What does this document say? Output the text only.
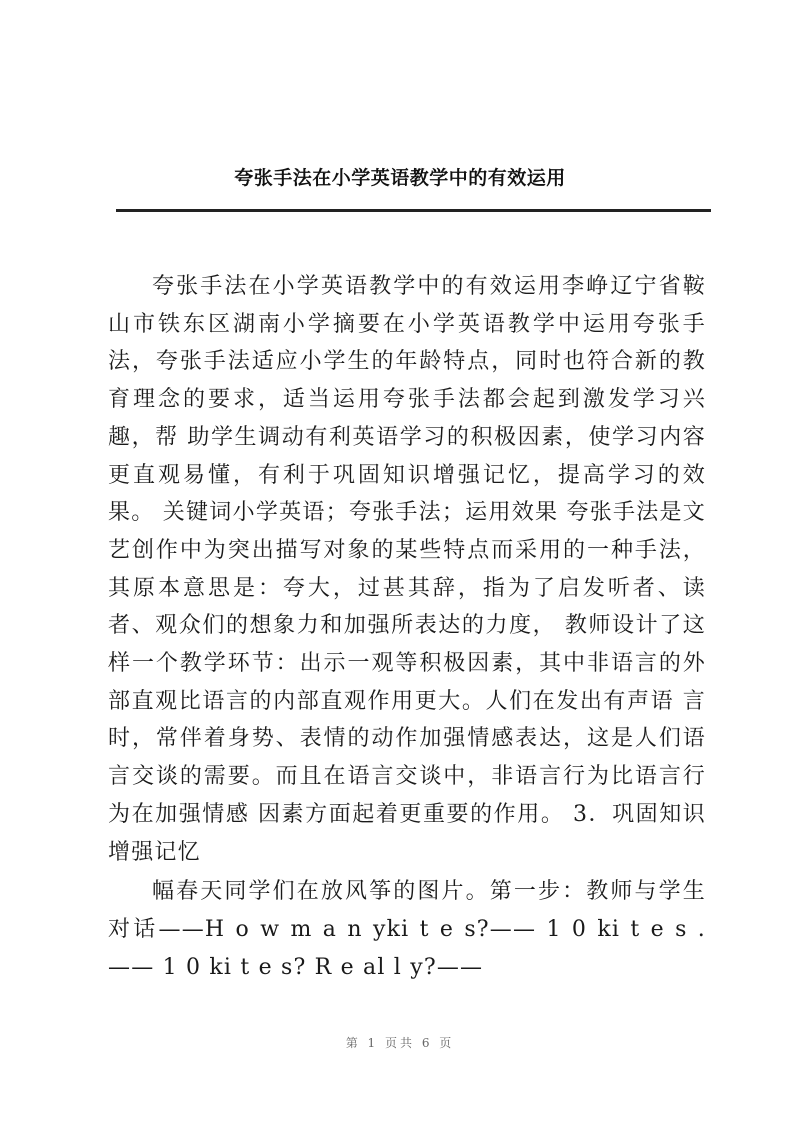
夸张手法在小学英语教学中的有效运用

夸张手法在小学英语教学中的有效运用李峥辽宁省鞍山市铁东区湖南小学摘要在小学英语教学中运用夸张手法，夸张手法适应小学生的年龄特点，同时也符合新的教育理念的要求，适当运用夸张手法都会起到激发学习兴趣，帮 助学生调动有利英语学习的积极因素，使学习内容更直观易懂，有利于巩固知识增强记忆，提高学习的效果。 关键词小学英语；夸张手法；运用效果 夸张手法是文艺创作中为突出描写对象的某些特点而采用的一种手法，其原本意思是：夸大，过甚其辞，指为了启发听者、读者、观众们的想象力和加强所表达的力度， 教师设计了这样一个教学环节：出示一观等积极因素，其中非语言的外部直观比语言的内部直观作用更大。人们在发出有声语 言时，常伴着身势、表情的动作加强情感表达，这是人们语言交谈的需要。而且在语言交谈中，非语言行为比语言行为在加强情感 因素方面起着更重要的作用。 3．巩固知识增强记忆

幅春天同学们在放风筝的图片。第一步：教师与学生对话——H o w m a n yki t e s?—— 1 0 ki t e s .—— 1 0 ki t e s? R e al l y?——

第 1 页共 6 页
